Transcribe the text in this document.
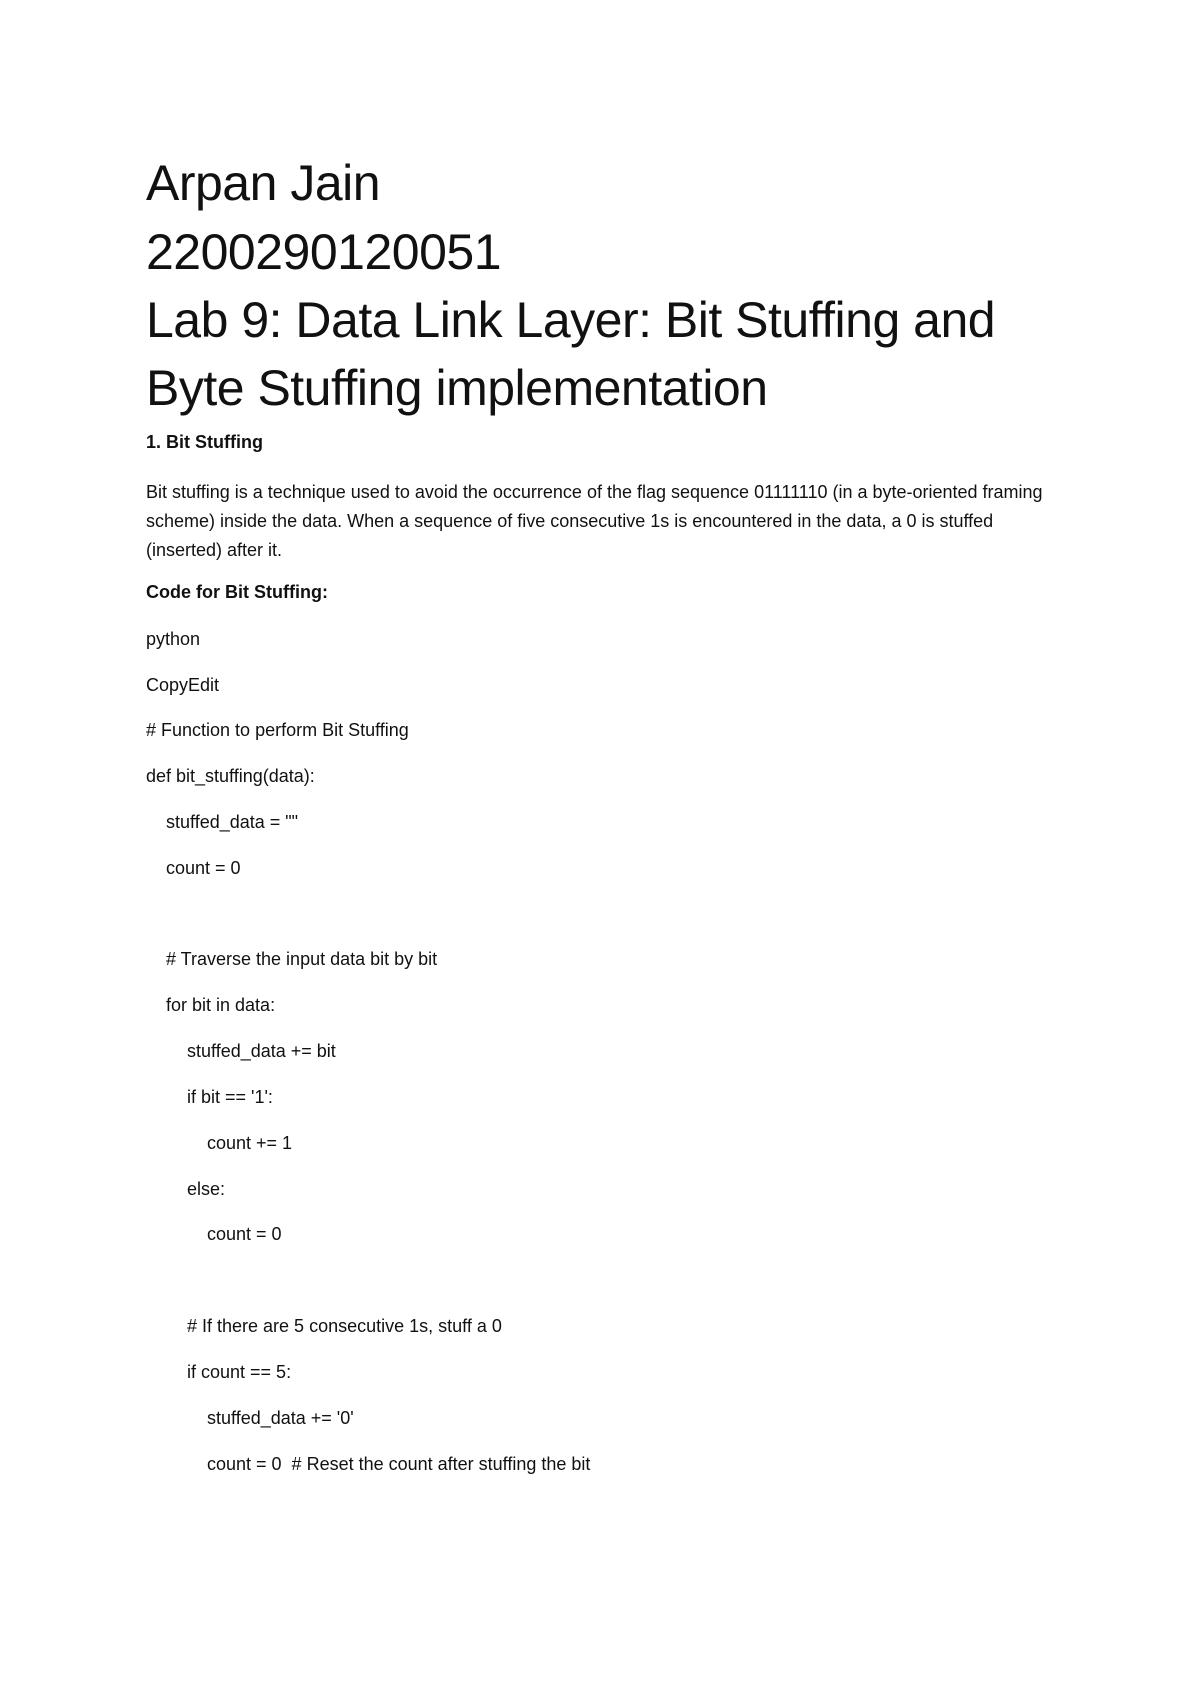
Arpan Jain
2200290120051
Lab 9: Data Link Layer: Bit Stuffing and
Byte Stuffing implementation

1. Bit Stuffing

Bit stuffing is a technique used to avoid the occurrence of the flag sequence 01111110 (in a byte-oriented framing scheme) inside the data. When a sequence of five consecutive 1s is encountered in the data, a 0 is stuffed (inserted) after it.

Code for Bit Stuffing:

python

CopyEdit

# Function to perform Bit Stuffing

def bit_stuffing(data):

stuffed_data = ""

count = 0

# Traverse the input data bit by bit

for bit in data:

stuffed_data += bit

if bit == '1':

count += 1

else:

count = 0

# If there are 5 consecutive 1s, stuff a 0

if count == 5:

stuffed_data += '0'

count = 0  # Reset the count after stuffing the bit
